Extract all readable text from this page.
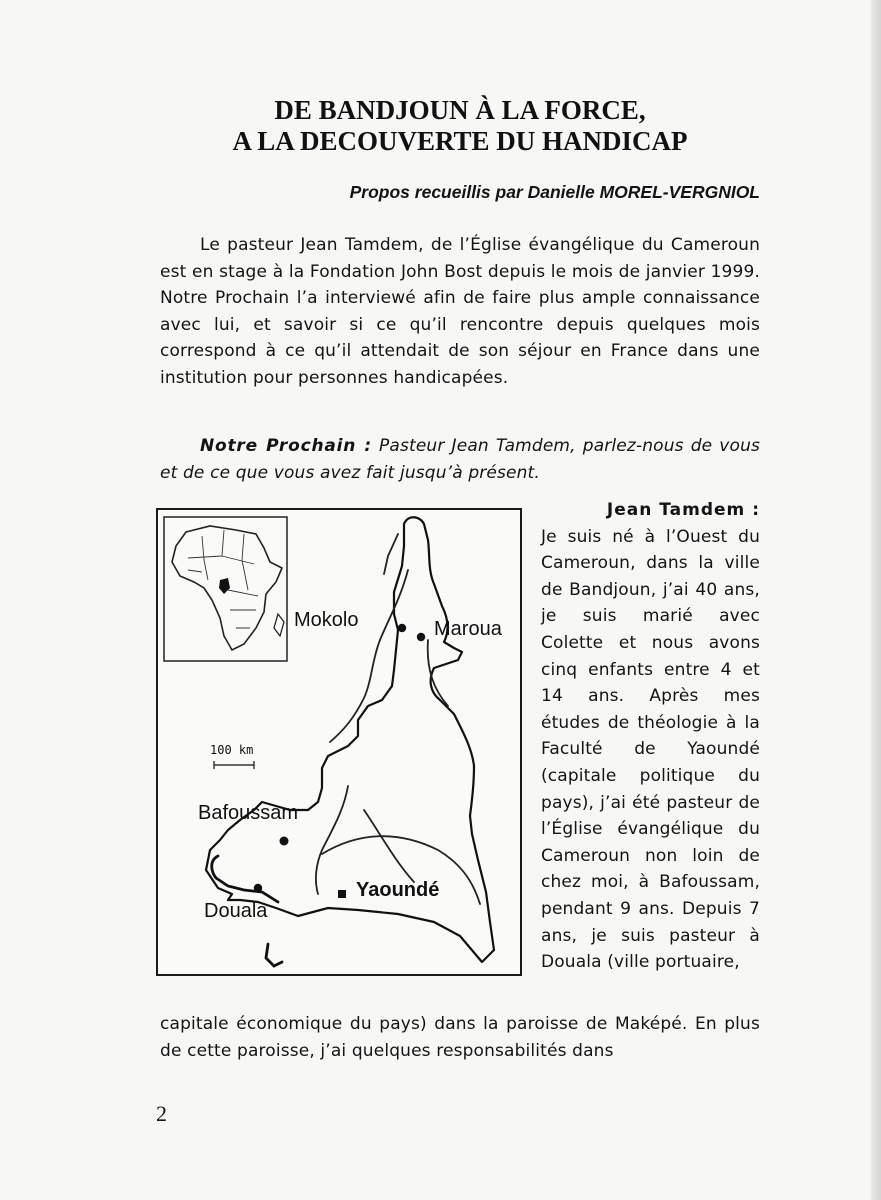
DE BANDJOUN À LA FORCE,
A LA DECOUVERTE DU HANDICAP
Propos recueillis par Danielle MOREL-VERGNIOL
Le pasteur Jean Tamdem, de l’Église évangélique du Cameroun est en stage à la Fondation John Bost depuis le mois de janvier 1999. Notre Prochain l’a interviewé afin de faire plus ample connaissance avec lui, et savoir si ce qu’il rencontre depuis quelques mois correspond à ce qu’il attendait de son séjour en France dans une institution pour personnes handicapées.
Notre Prochain : Pasteur Jean Tamdem, parlez-nous de vous et de ce que vous avez fait jusqu’à présent.
Mokolo	Maroua
Bafoussam
Douala
Yaoundé
100 km
Jean Tamdem :
Je suis né à l’Ouest du Cameroun, dans la ville de Bandjoun, j’ai 40 ans, je suis marié avec Colette et nous avons cinq enfants entre 4 et 14 ans. Après mes études de théologie à la Faculté de Yaoundé (capitale politique du pays), j’ai été pasteur de l’Église évangélique du Cameroun non loin de chez moi, à Bafoussam, pendant 9 ans. Depuis 7 ans, je suis pasteur à Douala (ville portuaire,
capitale économique du pays) dans la paroisse de Maképé. En plus de cette paroisse, j’ai quelques responsabilités dans
2
